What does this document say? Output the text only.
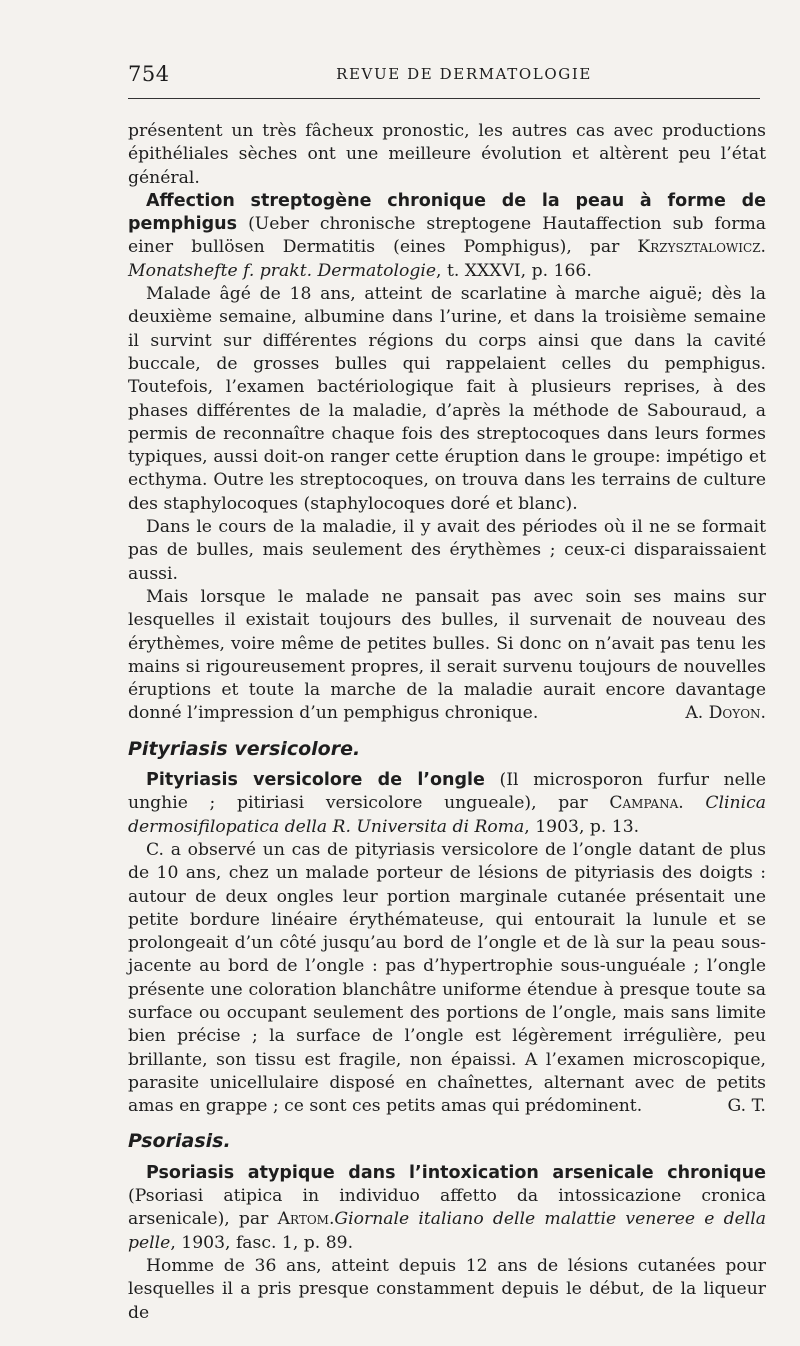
754	REVUE DE DERMATOLOGIE

présentent un très fâcheux pronostic, les autres cas avec productions épithéliales sèches ont une meilleure évolution et altèrent peu l’état général.

Affection streptogène chronique de la peau à forme de pemphigus (Ueber chronische streptogene Hautaffection sub forma einer bullösen Dermatitis (eines Pomphigus), par Krzysztalowicz. Monatshefte f. prakt. Dermatologie, t. XXXVI, p. 166.

Malade âgé de 18 ans, atteint de scarlatine à marche aiguë; dès la deuxième semaine, albumine dans l’urine, et dans la troisième semaine il survint sur différentes régions du corps ainsi que dans la cavité buccale, de grosses bulles qui rappelaient celles du pemphigus. Toutefois, l’examen bactériologique fait à plusieurs reprises, à des phases différentes de la maladie, d’après la méthode de Sabouraud, a permis de reconnaître chaque fois des streptocoques dans leurs formes typiques, aussi doit-on ranger cette éruption dans le groupe: impétigo et ecthyma. Outre les streptocoques, on trouva dans les terrains de culture des staphylocoques (staphylocoques doré et blanc).

Dans le cours de la maladie, il y avait des périodes où il ne se formait pas de bulles, mais seulement des érythèmes ; ceux-ci disparaissaient aussi.

Mais lorsque le malade ne pansait pas avec soin ses mains sur lesquelles il existait toujours des bulles, il survenait de nouveau des érythèmes, voire même de petites bulles. Si donc on n’avait pas tenu les mains si rigoureusement propres, il serait survenu toujours de nouvelles éruptions et toute la marche de la maladie aurait encore davantage donné l’impression d’un pemphigus chronique.	A. Doyon.

Pityriasis versicolore.

Pityriasis versicolore de l’ongle (Il microsporon furfur nelle unghie ; pitiriasi versicolore ungueale), par Campana. Clinica dermosifilopatica della R. Universita di Roma, 1903, p. 13.

C. a observé un cas de pityriasis versicolore de l’ongle datant de plus de 10 ans, chez un malade porteur de lésions de pityriasis des doigts : autour de deux ongles leur portion marginale cutanée présentait une petite bordure linéaire érythémateuse, qui entourait la lunule et se prolongeait d’un côté jusqu’au bord de l’ongle et de là sur la peau sous-jacente au bord de l’ongle : pas d’hypertrophie sous-unguéale ; l’ongle présente une coloration blanchâtre uniforme étendue à presque toute sa surface ou occupant seulement des portions de l’ongle, mais sans limite bien précise ; la surface de l’ongle est légèrement irrégulière, peu brillante, son tissu est fragile, non épaissi. A l’examen microscopique, parasite unicellulaire disposé en chaînettes, alternant avec de petits amas en grappe ; ce sont ces petits amas qui prédominent.	G. T.

Psoriasis.

Psoriasis atypique dans l’intoxication arsenicale chronique (Psoriasi atipica in individuo affetto da intossicazione cronica arsenicale), par Artom.Giornale italiano delle malattie veneree e della pelle, 1903, fasc. 1, p. 89.

Homme de 36 ans, atteint depuis 12 ans de lésions cutanées pour lesquelles il a pris presque constamment depuis le début, de la liqueur de
